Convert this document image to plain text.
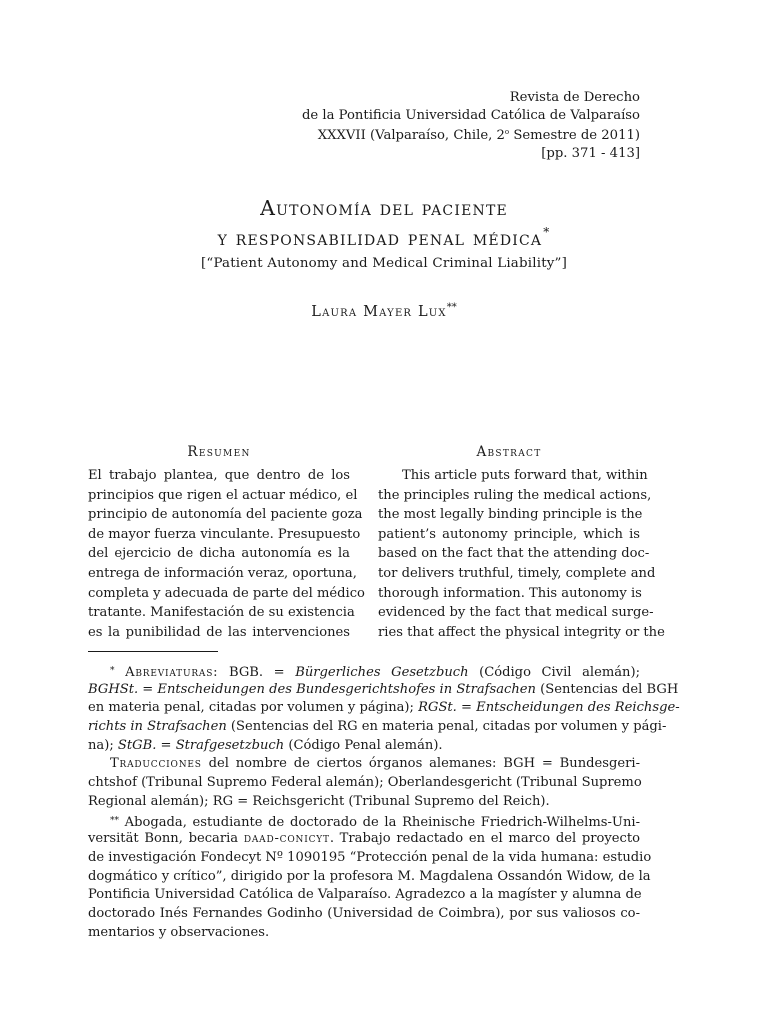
Revista de Derecho
de la Pontificia Universidad Católica de Valparaíso
XXXVII (Valparaíso, Chile, 2$^o$ Semestre de 2011)
[pp. 371 - 413]
Autonomía del paciente
y responsabilidad penal médica*
[“Patient Autonomy and Medical Criminal Liability”]
Laura Mayer Lux**
Resumen
El trabajo plantea, que dentro de los
principios que rigen el actuar médico, el
principio de autonomía del paciente goza
de mayor fuerza vinculante. Presupuesto
del ejercicio de dicha autonomía es la
entrega de información veraz, oportuna,
completa y adecuada de parte del médico
tratante. Manifestación de su existencia
es la punibilidad de las intervenciones
Abstract
This article puts forward that, within
the principles ruling the medical actions,
the most legally binding principle is the
patient’s autonomy principle, which is
based on the fact that the attending doc-
tor delivers truthful, timely, complete and
thorough information. This autonomy is
evidenced by the fact that medical surge-
ries that affect the physical integrity or the
* Abreviaturas: BGB. = Bürgerliches Gesetzbuch (Código Civil alemán);
BGHSt. = Entscheidungen des Bundesgerichtshofes in Strafsachen (Sentencias del BGH
en materia penal, citadas por volumen y página); RGSt. = Entscheidungen des Reichsge-
richts in Strafsachen (Sentencias del RG en materia penal, citadas por volumen y pági-
na); StGB. = Strafgesetzbuch (Código Penal alemán).
Traducciones del nombre de ciertos órganos alemanes: BGH = Bundesgeri-
chtshof (Tribunal Supremo Federal alemán); Oberlandesgericht (Tribunal Supremo
Regional alemán); RG = Reichsgericht (Tribunal Supremo del Reich).
** Abogada, estudiante de doctorado de la Rheinische Friedrich-Wilhelms-Uni-
versität Bonn, becaria daad-conicyt. Trabajo redactado en el marco del proyecto
de investigación Fondecyt Nº 1090195 “Protección penal de la vida humana: estudio
dogmático y crítico”, dirigido por la profesora M. Magdalena Ossandón Widow, de la
Pontificia Universidad Católica de Valparaíso. Agradezco a la magíster y alumna de
doctorado Inés Fernandes Godinho (Universidad de Coimbra), por sus valiosos co-
mentarios y observaciones.
